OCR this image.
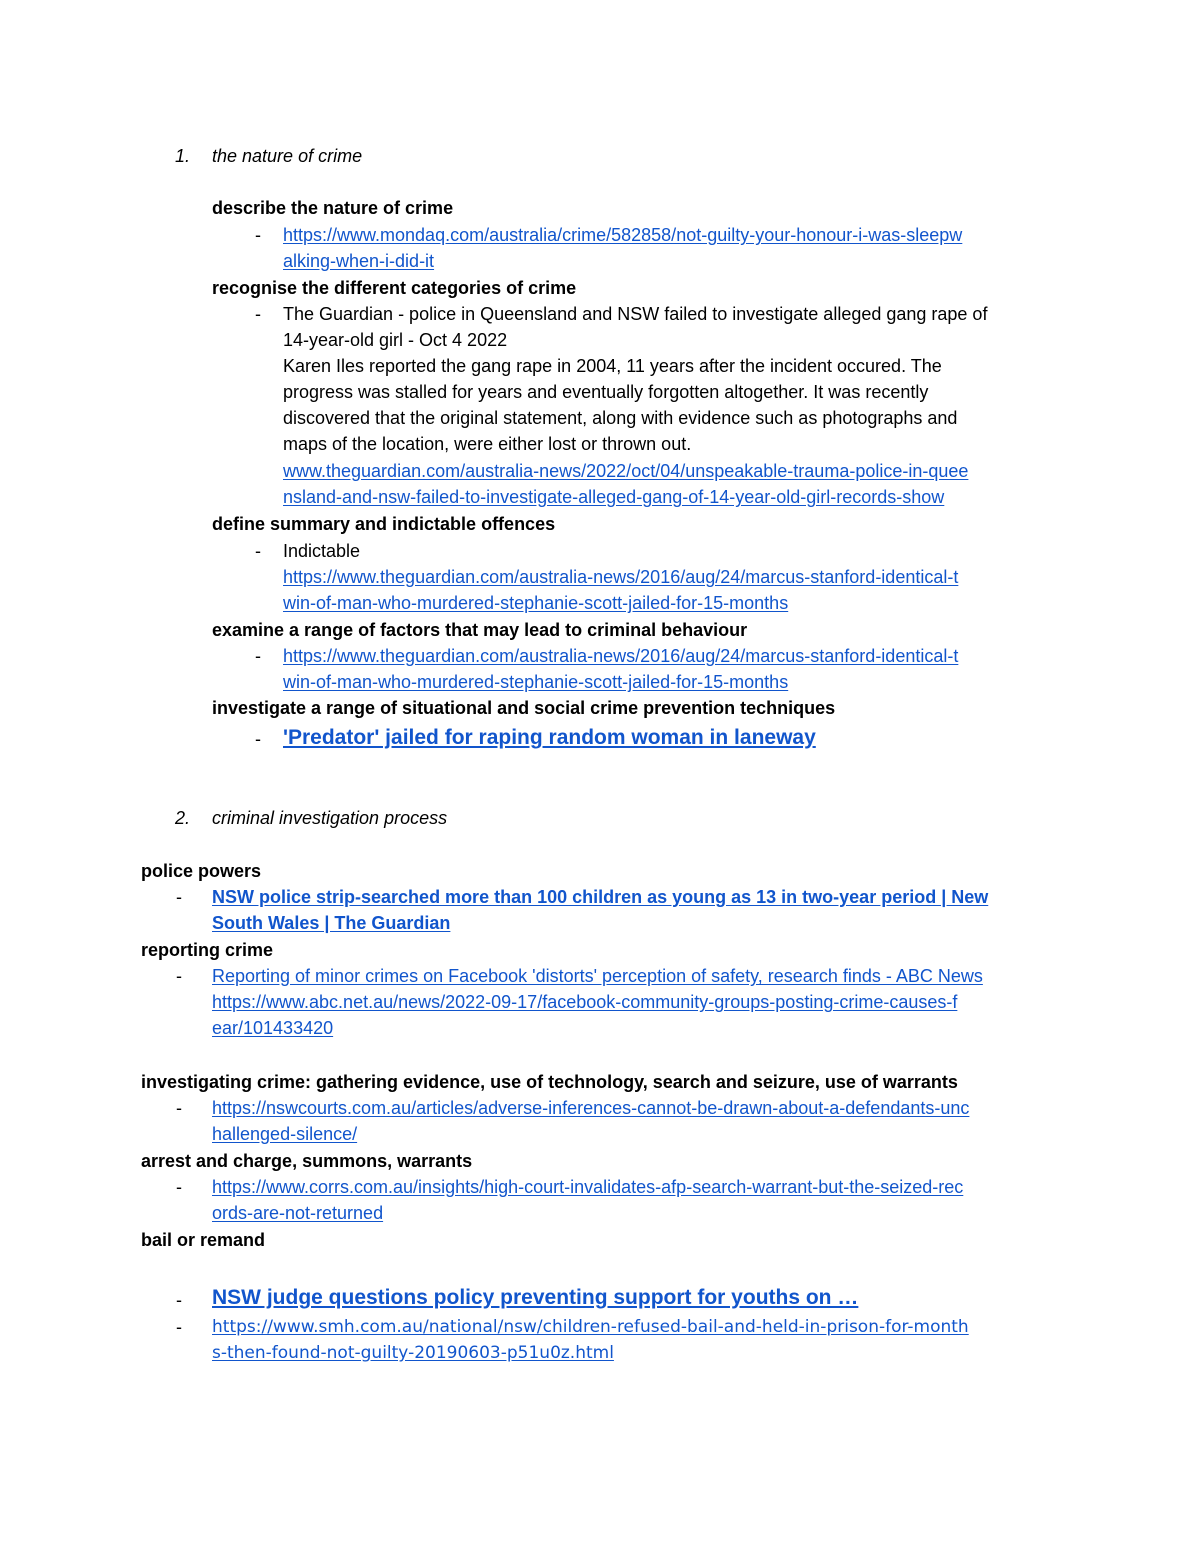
1. the nature of crime
describe the nature of crime
- https://www.mondaq.com/australia/crime/582858/not-guilty-your-honour-i-was-sleepw
alking-when-i-did-it
recognise the different categories of crime
- The Guardian - police in Queensland and NSW failed to investigate alleged gang rape of
14-year-old girl - Oct 4 2022
Karen Iles reported the gang rape in 2004, 11 years after the incident occured. The
progress was stalled for years and eventually forgotten altogether. It was recently
discovered that the original statement, along with evidence such as photographs and
maps of the location, were either lost or thrown out.
www.theguardian.com/australia-news/2022/oct/04/unspeakable-trauma-police-in-quee
nsland-and-nsw-failed-to-investigate-alleged-gang-of-14-year-old-girl-records-show
define summary and indictable offences
- Indictable
https://www.theguardian.com/australia-news/2016/aug/24/marcus-stanford-identical-t
win-of-man-who-murdered-stephanie-scott-jailed-for-15-months
examine a range of factors that may lead to criminal behaviour
- https://www.theguardian.com/australia-news/2016/aug/24/marcus-stanford-identical-t
win-of-man-who-murdered-stephanie-scott-jailed-for-15-months
investigate a range of situational and social crime prevention techniques
- 'Predator' jailed for raping random woman in laneway
2. criminal investigation process
police powers
- NSW police strip-searched more than 100 children as young as 13 in two-year period | New
South Wales | The Guardian
reporting crime
- Reporting of minor crimes on Facebook 'distorts' perception of safety, research finds - ABC News
https://www.abc.net.au/news/2022-09-17/facebook-community-groups-posting-crime-causes-f
ear/101433420
investigating crime: gathering evidence, use of technology, search and seizure, use of warrants
- https://nswcourts.com.au/articles/adverse-inferences-cannot-be-drawn-about-a-defendants-unc
hallenged-silence/
arrest and charge, summons, warrants
- https://www.corrs.com.au/insights/high-court-invalidates-afp-search-warrant-but-the-seized-rec
ords-are-not-returned
bail or remand
- NSW judge questions policy preventing support for youths on …
- https://www.smh.com.au/national/nsw/children-refused-bail-and-held-in-prison-for-month
s-then-found-not-guilty-20190603-p51u0z.html
